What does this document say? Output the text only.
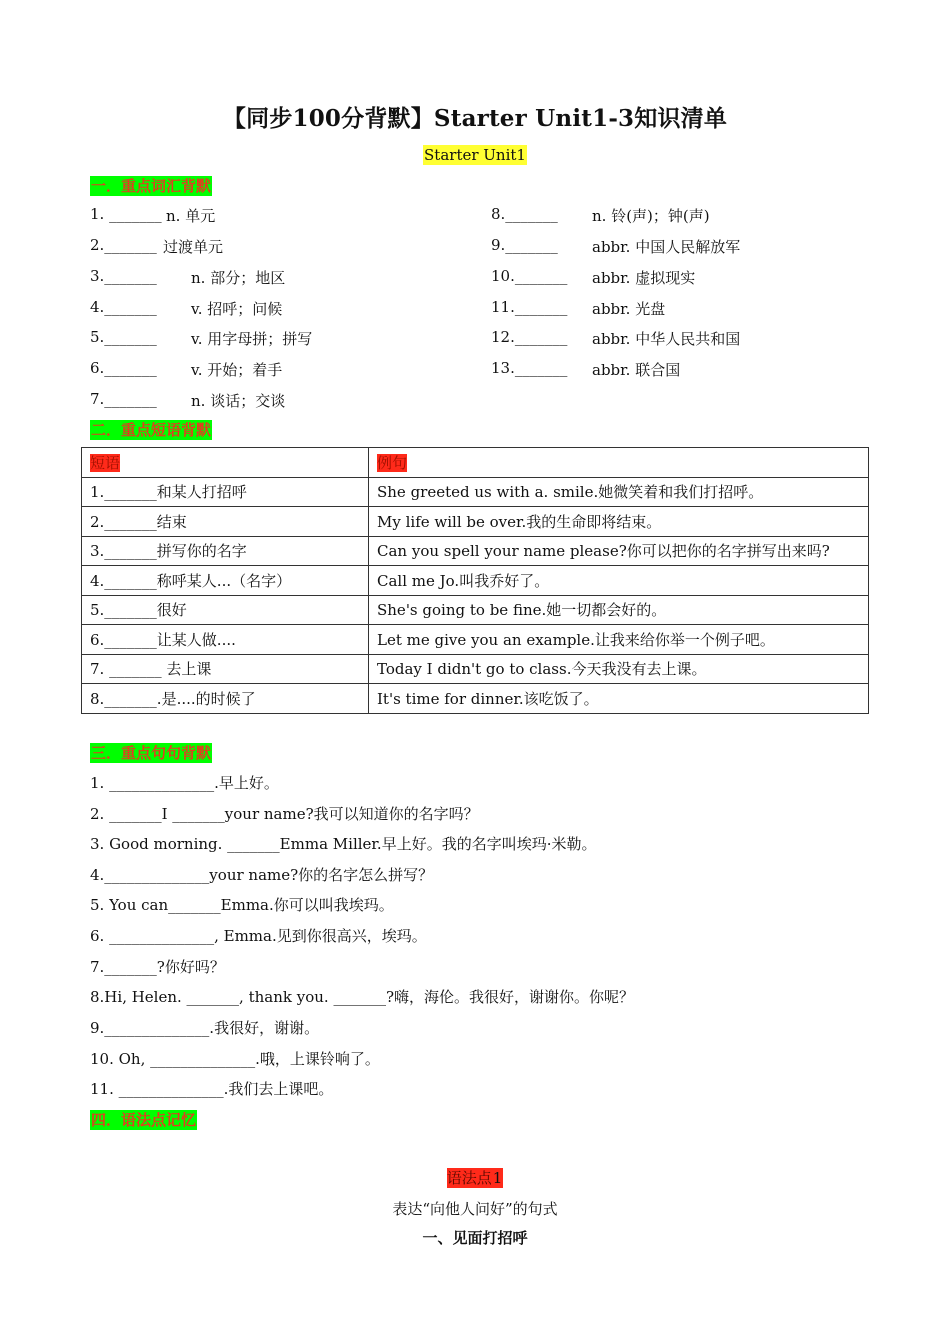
【同步100分背默】Starter Unit1-3知识清单
Starter Unit1
一．重点词汇背默
1. _______ n. 单元
2._______ 过渡单元
3._______ n. 部分；地区
4._______ v. 招呼；问候
5._______ v. 用字母拼；拼写
6._______ v. 开始；着手
7._______ n. 谈话；交谈
8._______ n. 铃(声)；钟(声)
9._______ abbr. 中国人民解放军
10._______ abbr. 虚拟现实
11._______ abbr. 光盘
12._______ abbr. 中华人民共和国
13._______ abbr. 联合国
二．重点短语背默
短语	例句
1._______和某人打招呼	She greeted us with a. smile.她微笑着和我们打招呼。
2._______结束	My life will be over.我的生命即将结束。
3._______拼写你的名字	Can you spell your name please?你可以把你的名字拼写出来吗?
4._______称呼某人...（名字）	Call me Jo.叫我乔好了。
5._______很好	She's going to be fine.她一切都会好的。
6._______让某人做....	Let me give you an example.让我来给你举一个例子吧。
7. _______ 去上课	Today I didn't go to class.今天我没有去上课。
8._______.是....的时候了	It's time for dinner.该吃饭了。
三．重点句句背默
1. ______________.早上好。
2. _______I _______your name?我可以知道你的名字吗？
3. Good morning. _______Emma Miller.早上好。我的名字叫埃玛·米勒。
4.______________your name?你的名字怎么拼写？
5. You can_______Emma.你可以叫我埃玛。
6. ______________, Emma.见到你很高兴，埃玛。
7._______?你好吗？
8.Hi, Helen. _______, thank you. _______?嗨，海伦。我很好，谢谢你。你呢？
9.______________.我很好，谢谢。
10. Oh, ______________.哦，上课铃响了。
11. ______________.我们去上课吧。
四．语法点记忆
语法点1
表达“向他人问好”的句式
一、见面打招呼
